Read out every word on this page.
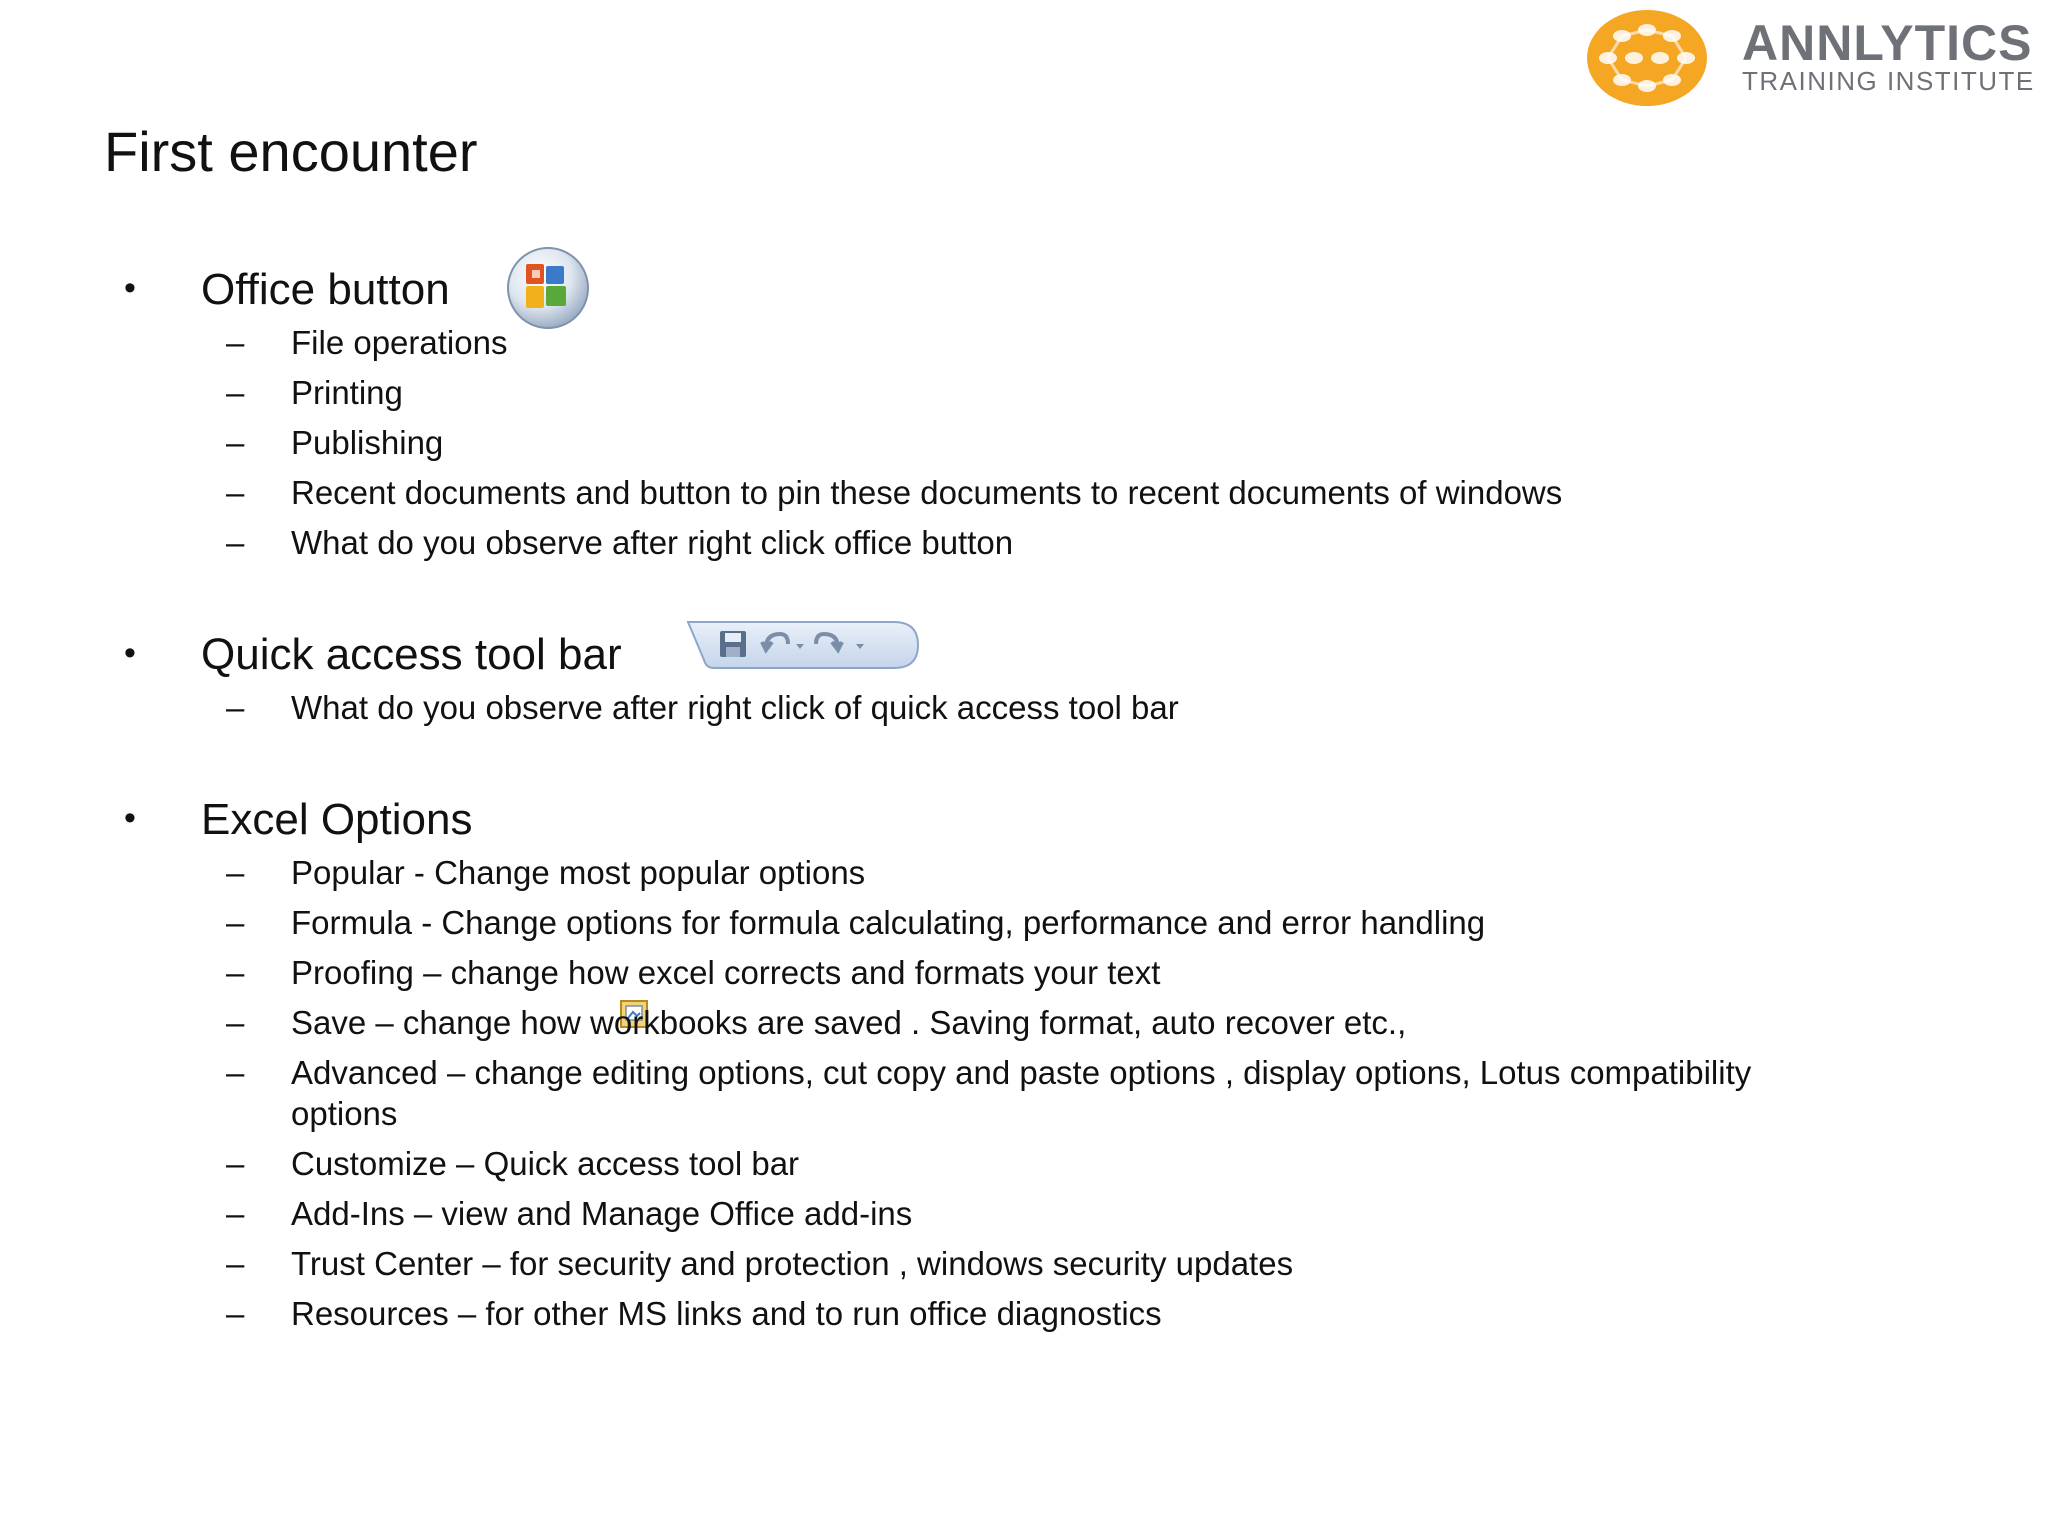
ANNLYTICS
TRAINING INSTITUTE
First encounter
• Office button
– File operations
– Printing
– Publishing
– Recent documents and button to pin these documents to recent documents of windows
– What do you observe after right click office button
• Quick access tool bar
– What do you observe after right click of quick access tool bar
• Excel Options
– Popular - Change most popular options
– Formula - Change options for formula calculating, performance and error handling
– Proofing – change how excel corrects and formats your text
– Save – change how workbooks are saved . Saving format, auto recover etc.,
– Advanced – change editing options, cut copy and paste options , display options, Lotus compatibility options
– Customize – Quick access tool bar
– Add-Ins – view and Manage Office add-ins
– Trust Center – for security and protection , windows security updates
– Resources – for other MS links and to run office diagnostics
